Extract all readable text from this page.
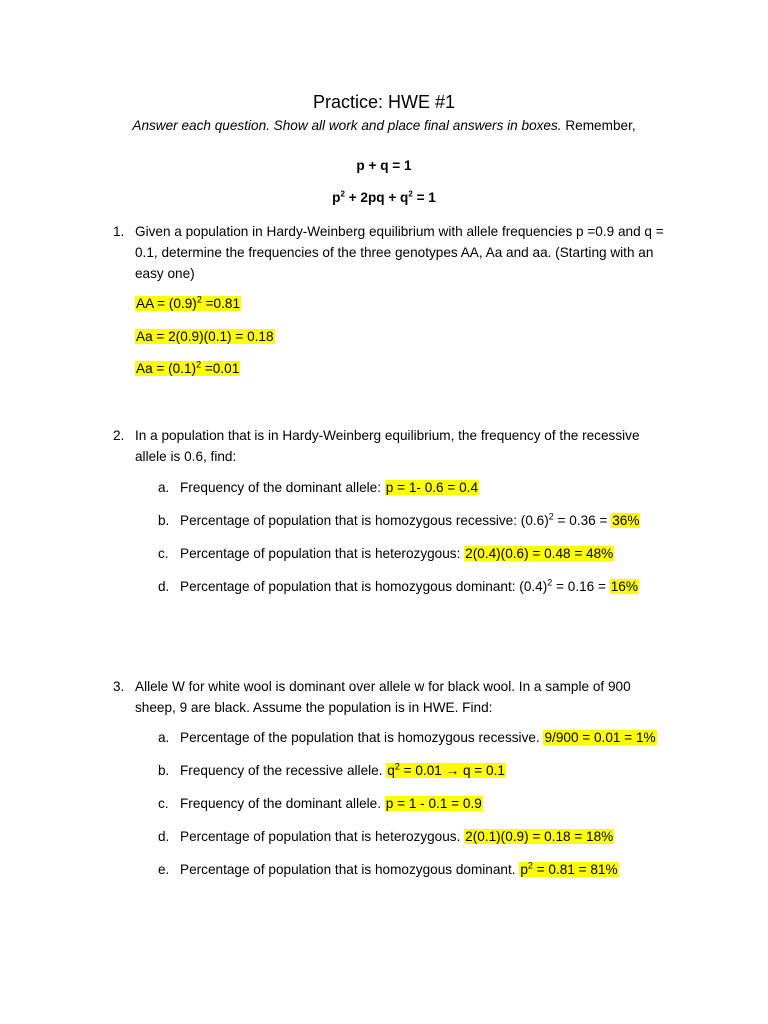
Practice: HWE #1
Answer each question. Show all work and place final answers in boxes. Remember,
p + q = 1
$p^2 + 2pq + q^2 = 1$
1. Given a population in Hardy-Weinberg equilibrium with allele frequencies p =0.9 and q = 0.1, determine the frequencies of the three genotypes AA, Aa and aa. (Starting with an easy one)
AA = $(0.9)^2 =0.81$
Aa = 2(0.9)(0.1) = 0.18
$Aa = (0.1)^2 =0.01$
2. In a population that is in Hardy-Weinberg equilibrium, the frequency of the recessive allele is 0.6, find:
a. Frequency of the dominant allele: p = 1- 0.6 = 0.4
b. Percentage of population that is homozygous recessive: $(0.6)^2 = 0.36 = 36\%$
c. Percentage of population that is heterozygous: 2(0.4)(0.6) = 0.48 = 48%
d. Percentage of population that is homozygous dominant: $(0.4)^2 = 0.16 = 16\%$
3. Allele W for white wool is dominant over allele w for black wool. In a sample of 900 sheep, 9 are black. Assume the population is in HWE. Find:
a. Percentage of the population that is homozygous recessive. 9/900 = 0.01 = 1%
b. Frequency of the recessive allele. $q^2 = 0.01 \to q = 0.1$
c. Frequency of the dominant allele. p = 1 - 0.1 = 0.9
d. Percentage of population that is heterozygous. 2(0.1)(0.9) = 0.18 = 18%
e. Percentage of population that is homozygous dominant. $p^2 = 0.81 = 81\%$
